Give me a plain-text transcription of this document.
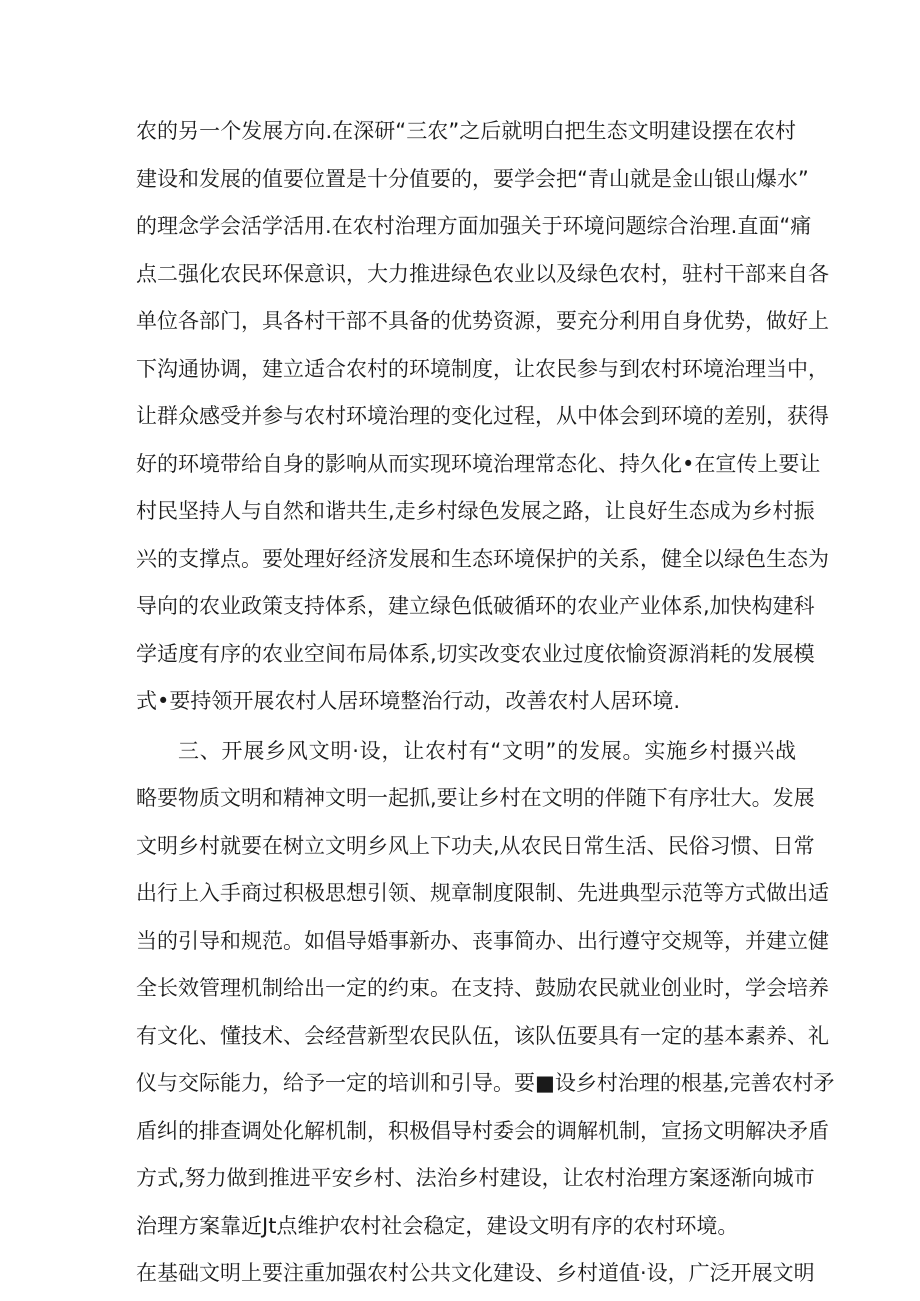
农的另一个发展方向.在深研“三农”之后就明白把生态文明建设摆在农村
建设和发展的值要位置是十分值要的，要学会把“青山就是金山银山爆水”
的理念学会活学活用.在农村治理方面加强关于环境问题综合治理.直面“痛
点二强化农民环保意识，大力推进绿色农业以及绿色农村，驻村干部来自各
单位各部门，具各村干部不具备的优势资源，要充分利用自身优势，做好上
下沟通协调，建立适合农村的环境制度，让农民参与到农村环境治理当中，
让群众感受并参与农村环境治理的变化过程，从中体会到环境的差别，获得
好的环境带给自身的影响从而实现环境治理常态化、持久化•在宣传上要让
村民坚持人与自然和谐共生,走乡村绿色发展之路，让良好生态成为乡村振
兴的支撑点。要处理好经济发展和生态环境保护的关系，健全以绿色生态为
导向的农业政策支持体系，建立绿色低破循环的农业产业体系,加快构建科
学适度有序的农业空间布局体系,切实改变农业过度依愉资源消耗的发展模
式•要持领开展农村人居环境整治行动，改善农村人居环境.
三、开展乡风文明·设，让农村有“文明”的发展。实施乡村摄兴战
略要物质文明和精神文明一起抓,要让乡村在文明的伴随下有序壮大。发展
文明乡村就要在树立文明乡风上下功夫,从农民日常生活、民俗习惯、日常
出行上入手商过积极思想引领、规章制度限制、先进典型示范等方式做出适
当的引导和规范。如倡导婚事新办、丧事简办、出行遵守交规等，并建立健
全长效管理机制给出一定的约束。在支持、鼓励农民就业创业时，学会培养
有文化、懂技术、会经营新型农民队伍，该队伍要具有一定的基本素养、礼
仪与交际能力，给予一定的培训和引导。要■设乡村治理的根基,完善农村矛
盾纠的排查调处化解机制，积极倡导村委会的调解机制，宣扬文明解决矛盾
方式,努力做到推进平安乡村、法治乡村建设，让农村治理方案逐渐向城市
治理方案靠近Jt点维护农村社会稳定，建设文明有序的农村环境。
在基础文明上要注重加强农村公共文化建设、乡村道值·设，广泛开展文明
